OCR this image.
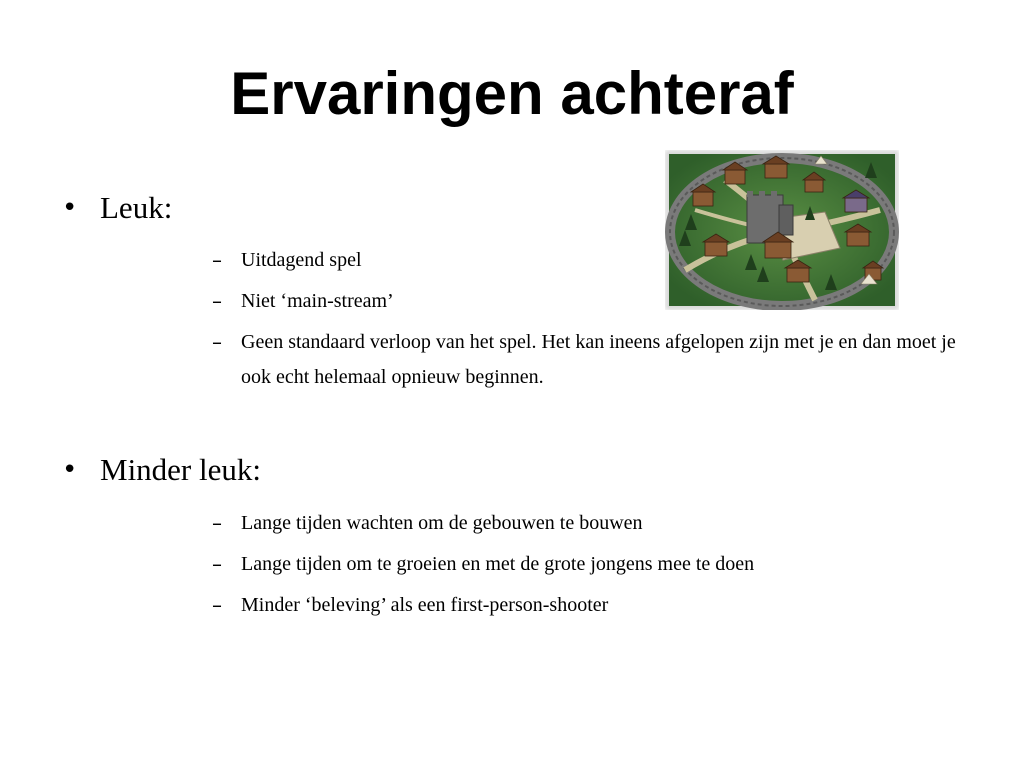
Ervaringen achteraf
• Leuk:
– Uitdagend spel
– Niet ‘main-stream’
– Geen standaard verloop van het spel. Het kan ineens afgelopen zijn met je en dan moet je ook echt helemaal opnieuw beginnen.
• Minder leuk:
– Lange tijden wachten om de gebouwen te bouwen
– Lange tijden om te groeien en met de grote jongens mee te doen
– Minder ‘beleving’ als een first-person-shooter
